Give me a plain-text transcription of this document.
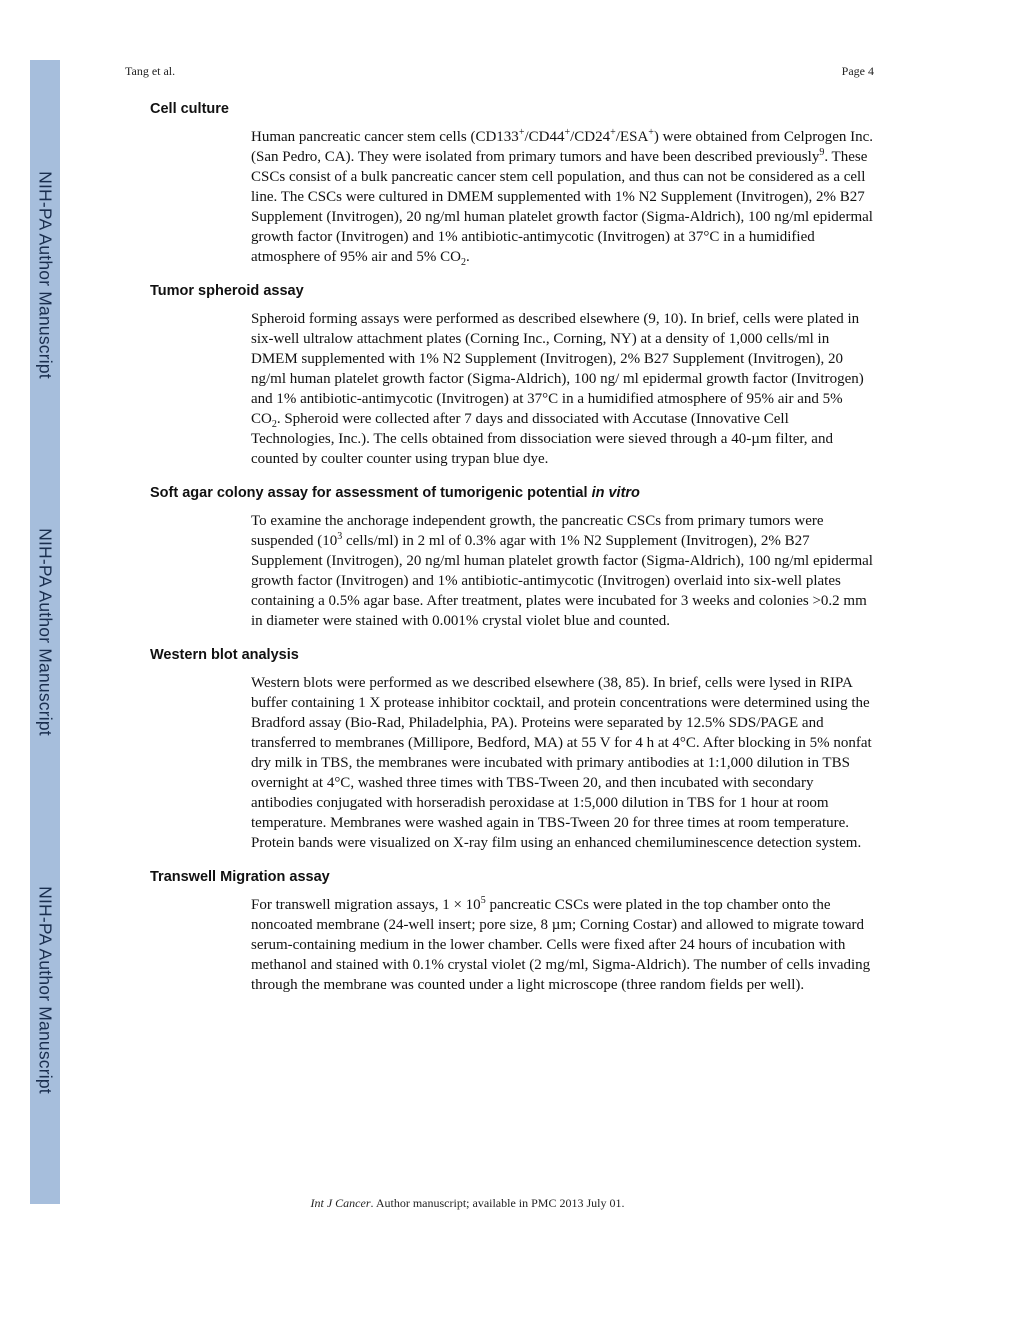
NIH-PA Author Manuscript
NIH-PA Author Manuscript
NIH-PA Author Manuscript
Tang et al.	Page 4
Cell culture

Human pancreatic cancer stem cells (CD133+/CD44+/CD24+/ESA+) were obtained from Celprogen Inc. (San Pedro, CA). They were isolated from primary tumors and have been described previously$^9$. These CSCs consist of a bulk pancreatic cancer stem cell population, and thus can not be considered as a cell line. The CSCs were cultured in DMEM supplemented with 1% N2 Supplement (Invitrogen), 2% B27 Supplement (Invitrogen), 20 ng/ml human platelet growth factor (Sigma-Aldrich), 100 ng/ml epidermal growth factor (Invitrogen) and 1% antibiotic-antimycotic (Invitrogen) at 37°C in a humidified atmosphere of 95% air and 5% $CO_2$.

Tumor spheroid assay

Spheroid forming assays were performed as described elsewhere (9, 10). In brief, cells were plated in six-well ultralow attachment plates (Corning Inc., Corning, NY) at a density of 1,000 cells/ml in DMEM supplemented with 1% N2 Supplement (Invitrogen), 2% B27 Supplement (Invitrogen), 20 ng/ml human platelet growth factor (Sigma-Aldrich), 100 ng/ ml epidermal growth factor (Invitrogen) and 1% antibiotic-antimycotic (Invitrogen) at 37°C in a humidified atmosphere of 95% air and 5% $CO_2$. Spheroid were collected after 7 days and dissociated with Accutase (Innovative Cell Technologies, Inc.). The cells obtained from dissociation were sieved through a 40-µm filter, and counted by coulter counter using trypan blue dye.

Soft agar colony assay for assessment of tumorigenic potential in vitro

To examine the anchorage independent growth, the pancreatic CSCs from primary tumors were suspended ($10^3$ cells/ml) in 2 ml of 0.3% agar with 1% N2 Supplement (Invitrogen), 2% B27 Supplement (Invitrogen), 20 ng/ml human platelet growth factor (Sigma-Aldrich), 100 ng/ml epidermal growth factor (Invitrogen) and 1% antibiotic-antimycotic (Invitrogen) overlaid into six-well plates containing a 0.5% agar base. After treatment, plates were incubated for 3 weeks and colonies >0.2 mm in diameter were stained with 0.001% crystal violet blue and counted.

Western blot analysis

Western blots were performed as we described elsewhere (38, 85). In brief, cells were lysed in RIPA buffer containing 1 X protease inhibitor cocktail, and protein concentrations were determined using the Bradford assay (Bio-Rad, Philadelphia, PA). Proteins were separated by 12.5% SDS/PAGE and transferred to membranes (Millipore, Bedford, MA) at 55 V for 4 h at 4°C. After blocking in 5% nonfat dry milk in TBS, the membranes were incubated with primary antibodies at 1:1,000 dilution in TBS overnight at 4°C, washed three times with TBS-Tween 20, and then incubated with secondary antibodies conjugated with horseradish peroxidase at 1:5,000 dilution in TBS for 1 hour at room temperature. Membranes were washed again in TBS-Tween 20 for three times at room temperature. Protein bands were visualized on X-ray film using an enhanced chemiluminescence detection system.

Transwell Migration assay

For transwell migration assays, $1 \times 10^5$ pancreatic CSCs were plated in the top chamber onto the noncoated membrane (24-well insert; pore size, 8 µm; Corning Costar) and allowed to migrate toward serum-containing medium in the lower chamber. Cells were fixed after 24 hours of incubation with methanol and stained with 0.1% crystal violet (2 mg/ml, Sigma-Aldrich). The number of cells invading through the membrane was counted under a light microscope (three random fields per well).

Int J Cancer. Author manuscript; available in PMC 2013 July 01.
